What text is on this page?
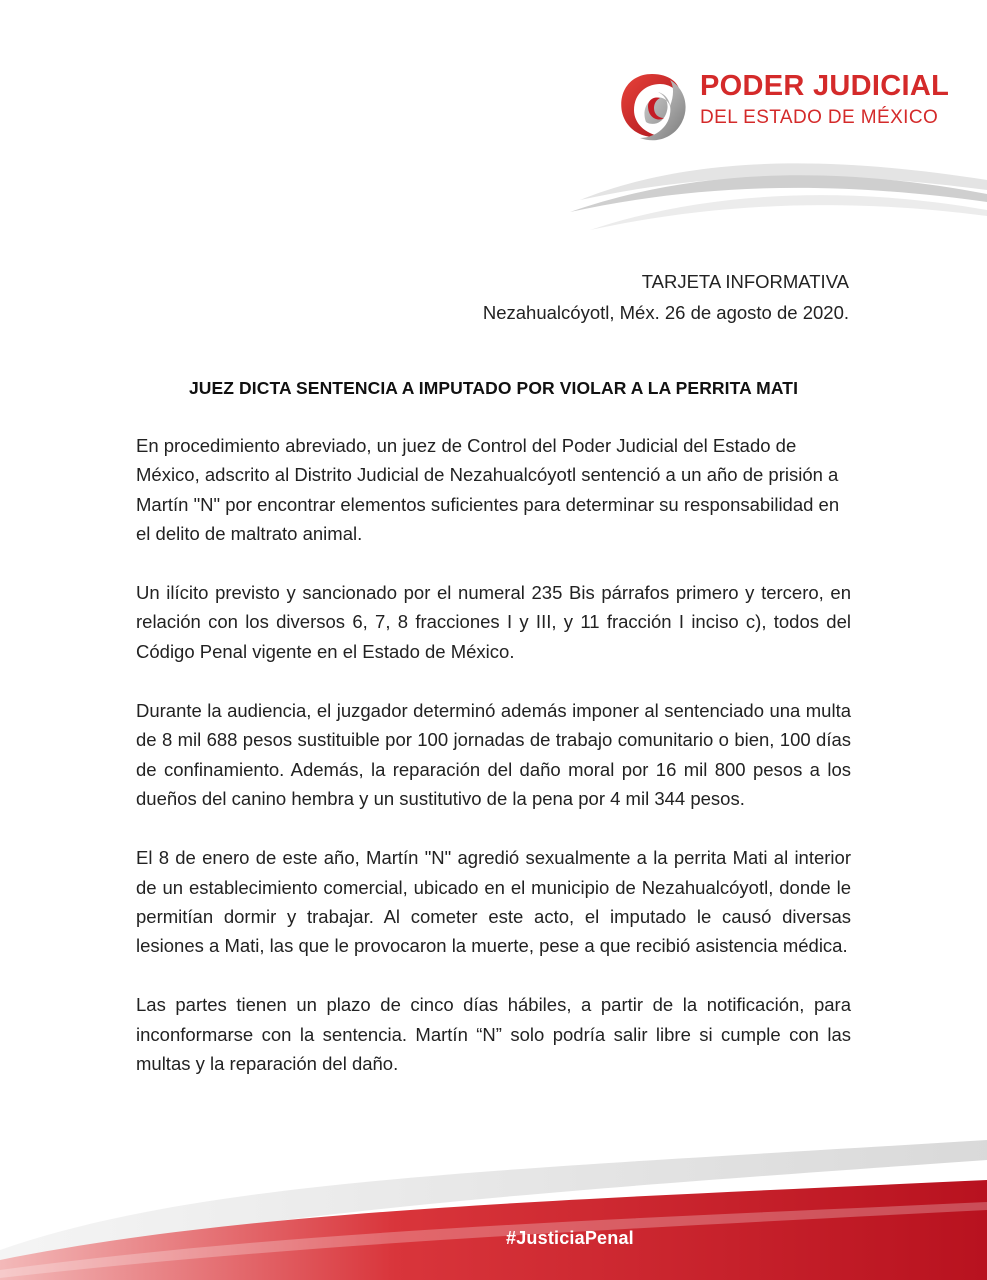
PODER JUDICIAL
DEL ESTADO DE MÉXICO
TARJETA INFORMATIVA
Nezahualcóyotl, Méx. 26 de agosto de 2020.
JUEZ DICTA SENTENCIA A IMPUTADO POR VIOLAR A LA PERRITA MATI

En procedimiento abreviado, un juez de Control del Poder Judicial del Estado de México, adscrito al Distrito Judicial de Nezahualcóyotl sentenció a un año de prisión a Martín "N" por encontrar elementos suficientes para determinar su responsabilidad en el delito de maltrato animal.

Un ilícito previsto y sancionado por el numeral 235 Bis párrafos primero y tercero, en relación con los diversos 6, 7, 8 fracciones I y III, y 11 fracción I inciso c), todos del Código Penal vigente en el Estado de México.

Durante la audiencia, el juzgador determinó además imponer al sentenciado una multa de 8 mil 688 pesos sustituible por 100 jornadas de trabajo comunitario o bien, 100 días de confinamiento. Además, la reparación del daño moral por 16 mil 800 pesos a los dueños del canino hembra y un sustitutivo de la pena por 4 mil 344 pesos.

El 8 de enero de este año, Martín "N" agredió sexualmente a la perrita Mati al interior de un establecimiento comercial, ubicado en el municipio de Nezahualcóyotl, donde le permitían dormir y trabajar. Al cometer este acto, el imputado le causó diversas lesiones a Mati, las que le provocaron la muerte, pese a que recibió asistencia médica.

Las partes tienen un plazo de cinco días hábiles, a partir de la notificación, para inconformarse con la sentencia. Martín “N” solo podría salir libre si cumple con las multas y la reparación del daño.

#JusticiaPenal
